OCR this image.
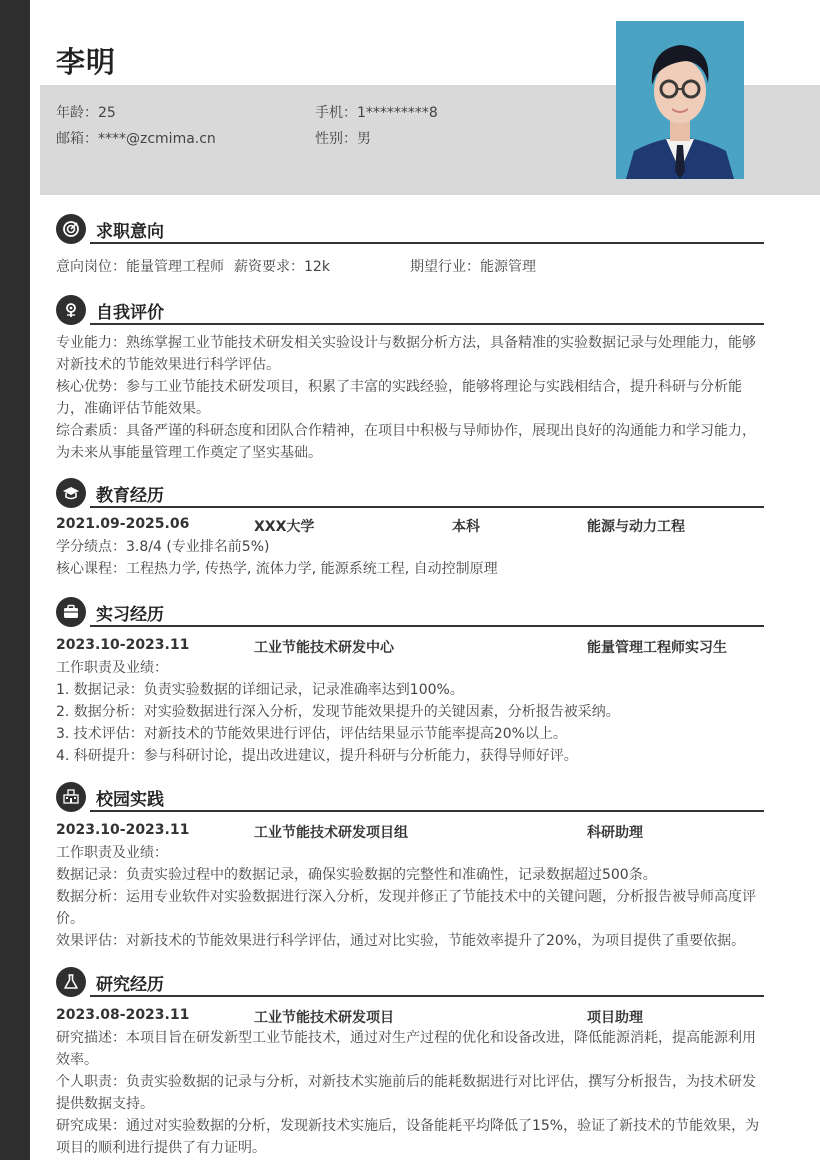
李明
年龄：25	手机：1*********8
邮箱：****@zcmima.cn	性别：男
求职意向
意向岗位：能量管理工程师 薪资要求：12k	期望行业：能源管理
自我评价
专业能力：熟练掌握工业节能技术研发相关实验设计与数据分析方法，具备精准的实验数据记录与处理能力，能够对新技术的节能效果进行科学评估。
核心优势：参与工业节能技术研发项目，积累了丰富的实践经验，能够将理论与实践相结合，提升科研与分析能力，准确评估节能效果。
综合素质：具备严谨的科研态度和团队合作精神，在项目中积极与导师协作，展现出良好的沟通能力和学习能力，为未来从事能量管理工作奠定了坚实基础。
教育经历
2021.09-2025.06	XXX大学	本科	能源与动力工程
学分绩点：3.8/4 (专业排名前5%)
核心课程：工程热力学, 传热学, 流体力学, 能源系统工程, 自动控制原理
实习经历
2023.10-2023.11	工业节能技术研发中心	能量管理工程师实习生
工作职责及业绩：
1. 数据记录：负责实验数据的详细记录，记录准确率达到100%。
2. 数据分析：对实验数据进行深入分析，发现节能效果提升的关键因素，分析报告被采纳。
3. 技术评估：对新技术的节能效果进行评估，评估结果显示节能率提高20%以上。
4. 科研提升：参与科研讨论，提出改进建议，提升科研与分析能力，获得导师好评。
校园实践
2023.10-2023.11	工业节能技术研发项目组	科研助理
工作职责及业绩：
数据记录：负责实验过程中的数据记录，确保实验数据的完整性和准确性，记录数据超过500条。
数据分析：运用专业软件对实验数据进行深入分析，发现并修正了节能技术中的关键问题，分析报告被导师高度评价。
效果评估：对新技术的节能效果进行科学评估，通过对比实验，节能效率提升了20%，为项目提供了重要依据。
研究经历
2023.08-2023.11	工业节能技术研发项目	项目助理
研究描述：本项目旨在研发新型工业节能技术，通过对生产过程的优化和设备改进，降低能源消耗，提高能源利用效率。
个人职责：负责实验数据的记录与分析，对新技术实施前后的能耗数据进行对比评估，撰写分析报告，为技术研发提供数据支持。
研究成果：通过对实验数据的分析，发现新技术实施后，设备能耗平均降低了15%，验证了新技术的节能效果，为项目的顺利进行提供了有力证明。
